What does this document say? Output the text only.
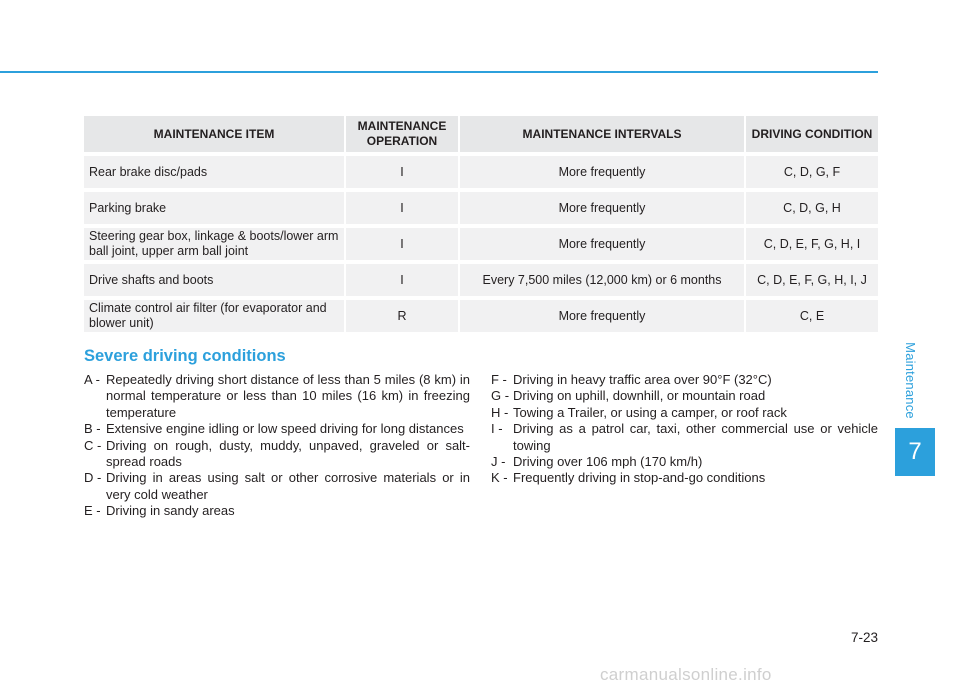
MAINTENANCE ITEM	MAINTENANCE OPERATION	MAINTENANCE INTERVALS	DRIVING CONDITION
Rear brake disc/pads	I	More frequently	C, D, G, F
Parking brake	I	More frequently	C, D, G, H
Steering gear box, linkage & boots/lower arm ball joint, upper arm ball joint	I	More frequently	C, D, E, F, G, H, I
Drive shafts and boots	I	Every 7,500 miles (12,000 km) or 6 months	C, D, E, F, G, H, I, J
Climate control air filter (for evaporator and blower unit)	R	More frequently	C, E
Severe driving conditions
A - Repeatedly driving short distance of less than 5 miles (8 km) in normal temperature or less than 10 miles (16 km) in freezing temperature
B - Extensive engine idling or low speed driving for long distances
C - Driving on rough, dusty, muddy, unpaved, graveled or salt-spread roads
D - Driving in areas using salt or other corrosive materials or in very cold weather
E - Driving in sandy areas
F - Driving in heavy traffic area over 90°F (32°C)
G - Driving on uphill, downhill, or mountain road
H - Towing a Trailer, or using a camper, or roof rack
I - Driving as a patrol car, taxi, other commercial use or vehicle towing
J - Driving over 106 mph (170 km/h)
K - Frequently driving in stop-and-go conditions
Maintenance
7
7-23
carmanualsonline.info
